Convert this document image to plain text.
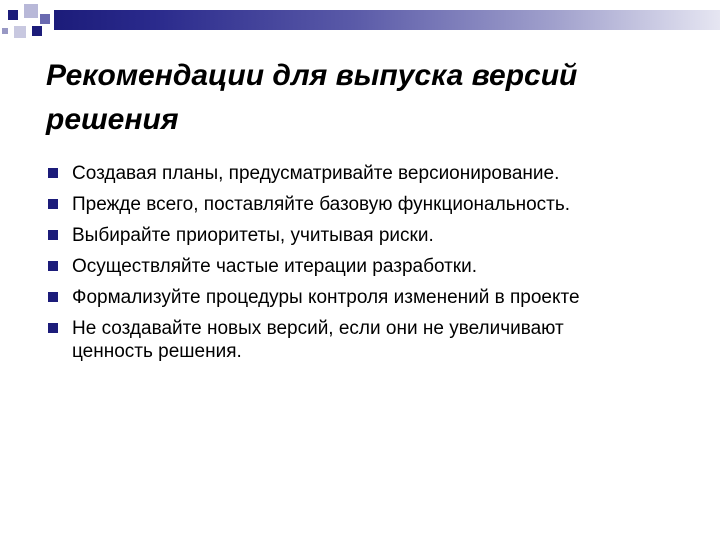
Рекомендации для выпуска версий решения
Создавая планы, предусматривайте версионирование.
Прежде всего, поставляйте базовую функциональность.
Выбирайте приоритеты, учитывая риски.
Осуществляйте частые итерации разработки.
Формализуйте процедуры контроля изменений в проекте
Не создавайте новых версий, если они не увеличивают ценность решения.
